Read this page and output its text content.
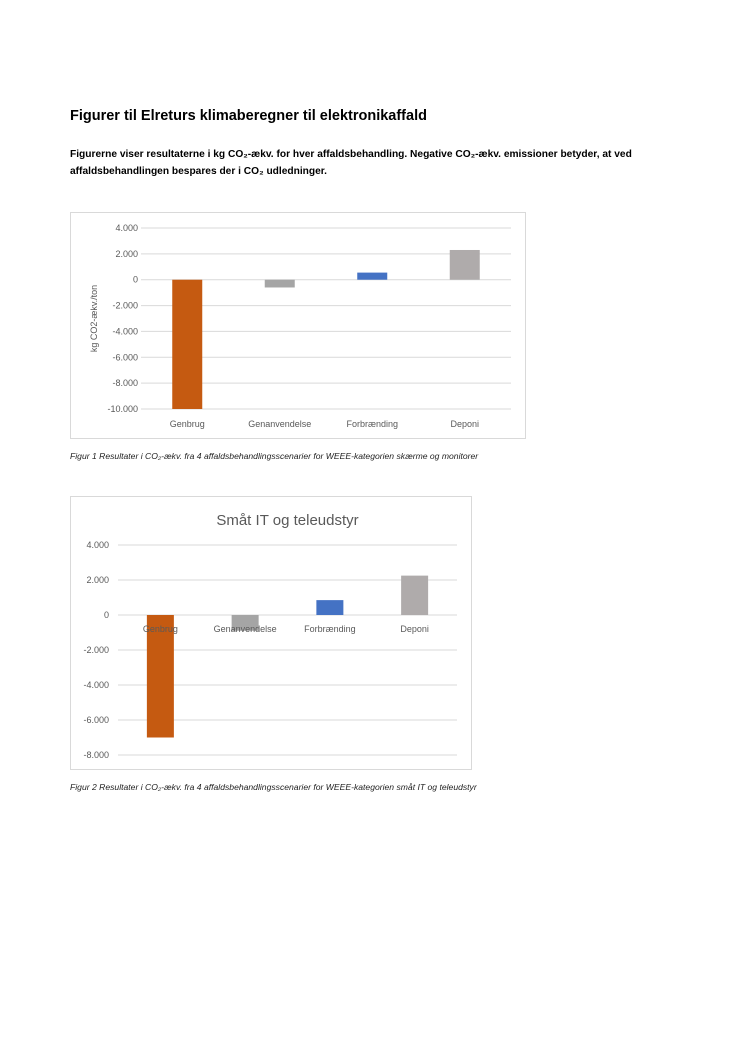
Figurer til Elreturs klimaberegner til elektronikaffald
Figurerne viser resultaterne i kg CO₂-ækv. for hver affaldsbehandling. Negative CO₂-ækv. emissioner betyder, at ved affaldsbehandlingen bespares der i CO₂ udledninger.
4.000
2.000
0
-2.000
-4.000
-6.000
-8.000
-10.000
Genbrug	Genanvendelse	Forbrænding	Deponi
kg CO2-ækv./ton
Figur 1 Resultater i CO₂-ækv. fra 4 affaldsbehandlingsscenarier for WEEE-kategorien skærme og monitorer
Småt IT og teleudstyr
4.000
2.000
0
-2.000
-4.000
-6.000
-8.000
Genbrug	Genanvendelse	Forbrænding	Deponi
Figur 2 Resultater i CO₂-ækv. fra 4 affaldsbehandlingsscenarier for WEEE-kategorien småt IT og teleudstyr
